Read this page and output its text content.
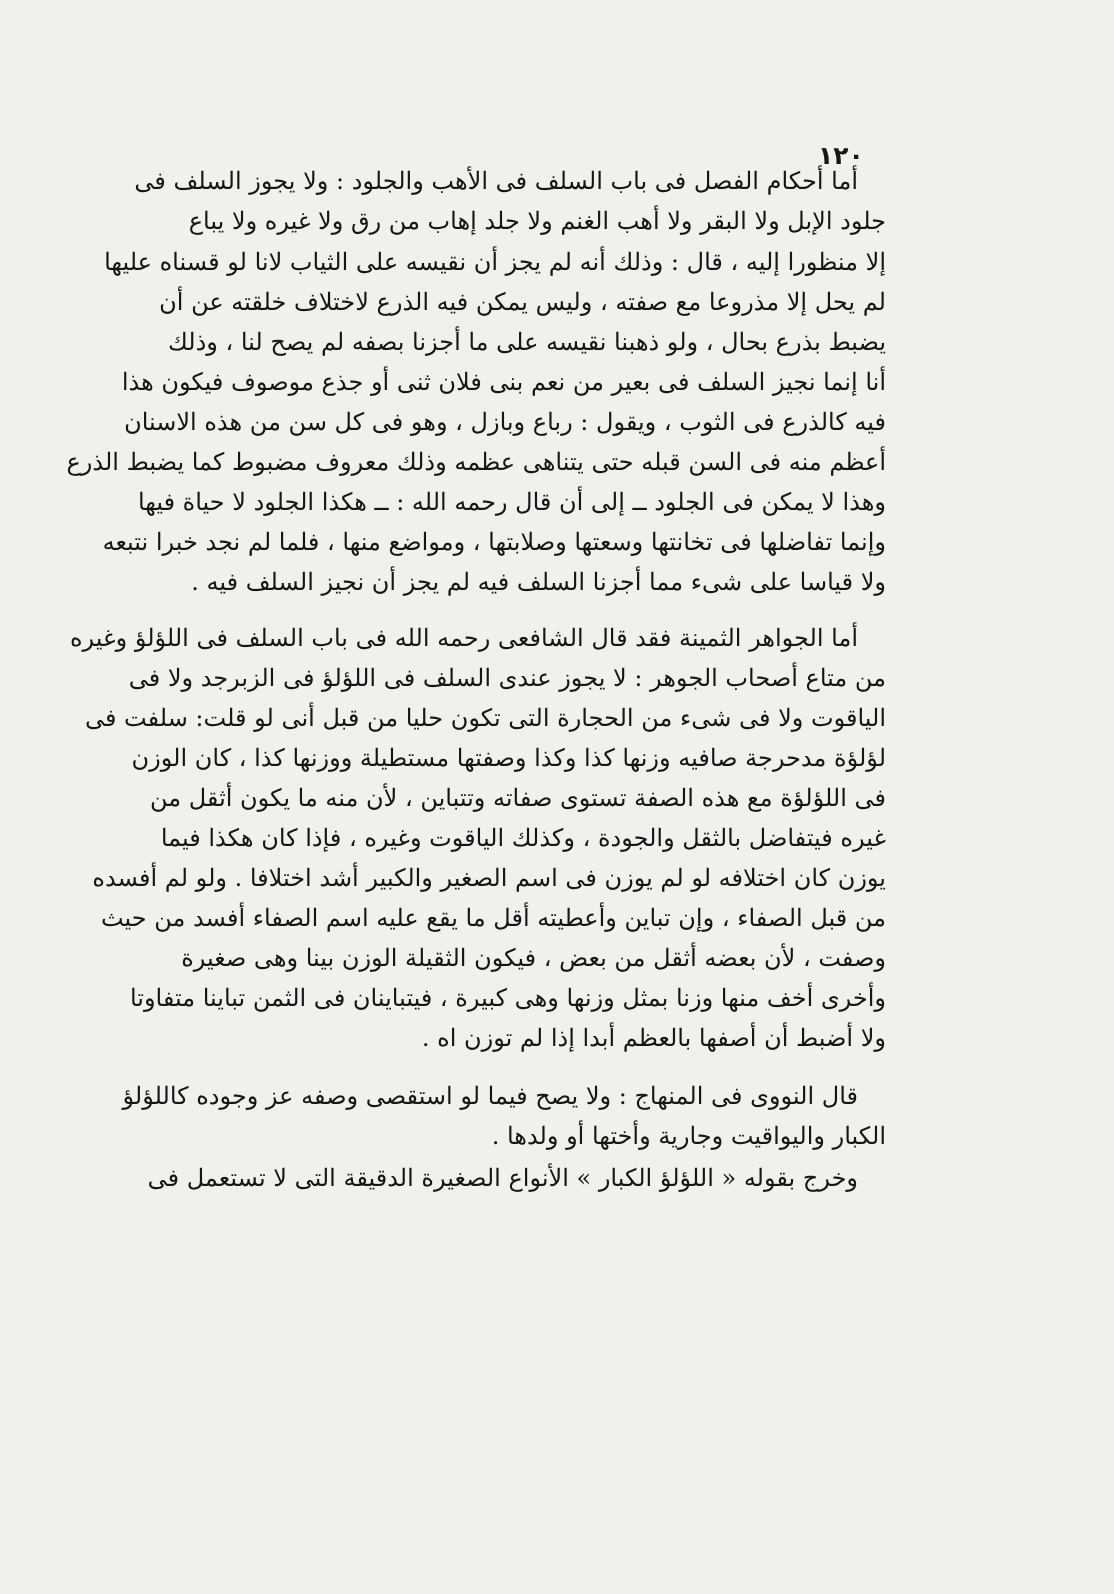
١٢٠
أما أحكام الفصل فى باب السلف فى الأهب والجلود : ولا يجوز السلف فى
جلود الإبل ولا البقر ولا أهب الغنم ولا جلد إهاب من رق ولا غيره ولا يباع
إلا منظورا إليه ، قال : وذلك أنه لم يجز أن نقيسه على الثياب لانا لو قسناه عليها
لم يحل إلا مذروعا مع صفته ، وليس يمكن فيه الذرع لاختلاف خلقته عن أن
يضبط بذرع بحال ، ولو ذهبنا نقيسه على ما أجزنا بصفه لم يصح لنا ، وذلك
أنا إنما نجيز السلف فى بعير من نعم بنى فلان ثنى أو جذع موصوف فيكون هذا
فيه كالذرع فى الثوب ، ويقول : رباع وبازل ، وهو فى كل سن من هذه الاسنان
أعظم منه فى السن قبله حتى يتناهى عظمه وذلك معروف مضبوط كما يضبط الذرع
وهذا لا يمكن فى الجلود ــ إلى أن قال رحمه الله : ــ هكذا الجلود لا حياة فيها
وإنما تفاضلها فى تخانتها وسعتها وصلابتها ، ومواضع منها ، فلما لم نجد خبرا نتبعه
ولا قياسا على شىء مما أجزنا السلف فيه لم يجز أن نجيز السلف فيه .
أما الجواهر الثمينة فقد قال الشافعى رحمه الله فى باب السلف فى اللؤلؤ وغيره
من متاع أصحاب الجوهر : لا يجوز عندى السلف فى اللؤلؤ فى الزبرجد ولا فى
الياقوت ولا فى شىء من الحجارة التى تكون حليا من قبل أنى لو قلت: سلفت فى
لؤلؤة مدحرجة صافيه وزنها كذا وكذا وصفتها مستطيلة ووزنها كذا ، كان الوزن
فى اللؤلؤة مع هذه الصفة تستوى صفاته وتتباين ، لأن منه ما يكون أثقل من
غيره فيتفاضل بالثقل والجودة ، وكذلك الياقوت وغيره ، فإذا كان هكذا فيما
يوزن كان اختلافه لو لم يوزن فى اسم الصغير والكبير أشد اختلافا . ولو لم أفسده
من قبل الصفاء ، وإن تباين وأعطيته أقل ما يقع عليه اسم الصفاء أفسد من حيث
وصفت ، لأن بعضه أثقل من بعض ، فيكون الثقيلة الوزن بينا وهى صغيرة
وأخرى أخف منها وزنا بمثل وزنها وهى كبيرة ، فيتباينان فى الثمن تباينا متفاوتا
ولا أضبط أن أصفها بالعظم أبدا إذا لم توزن اه .
قال النووى فى المنهاج : ولا يصح فيما لو استقصى وصفه عز وجوده كاللؤلؤ
الكبار واليواقيت وجارية وأختها أو ولدها .
وخرج بقوله « اللؤلؤ الكبار » الأنواع الصغيرة الدقيقة التى لا تستعمل فى
